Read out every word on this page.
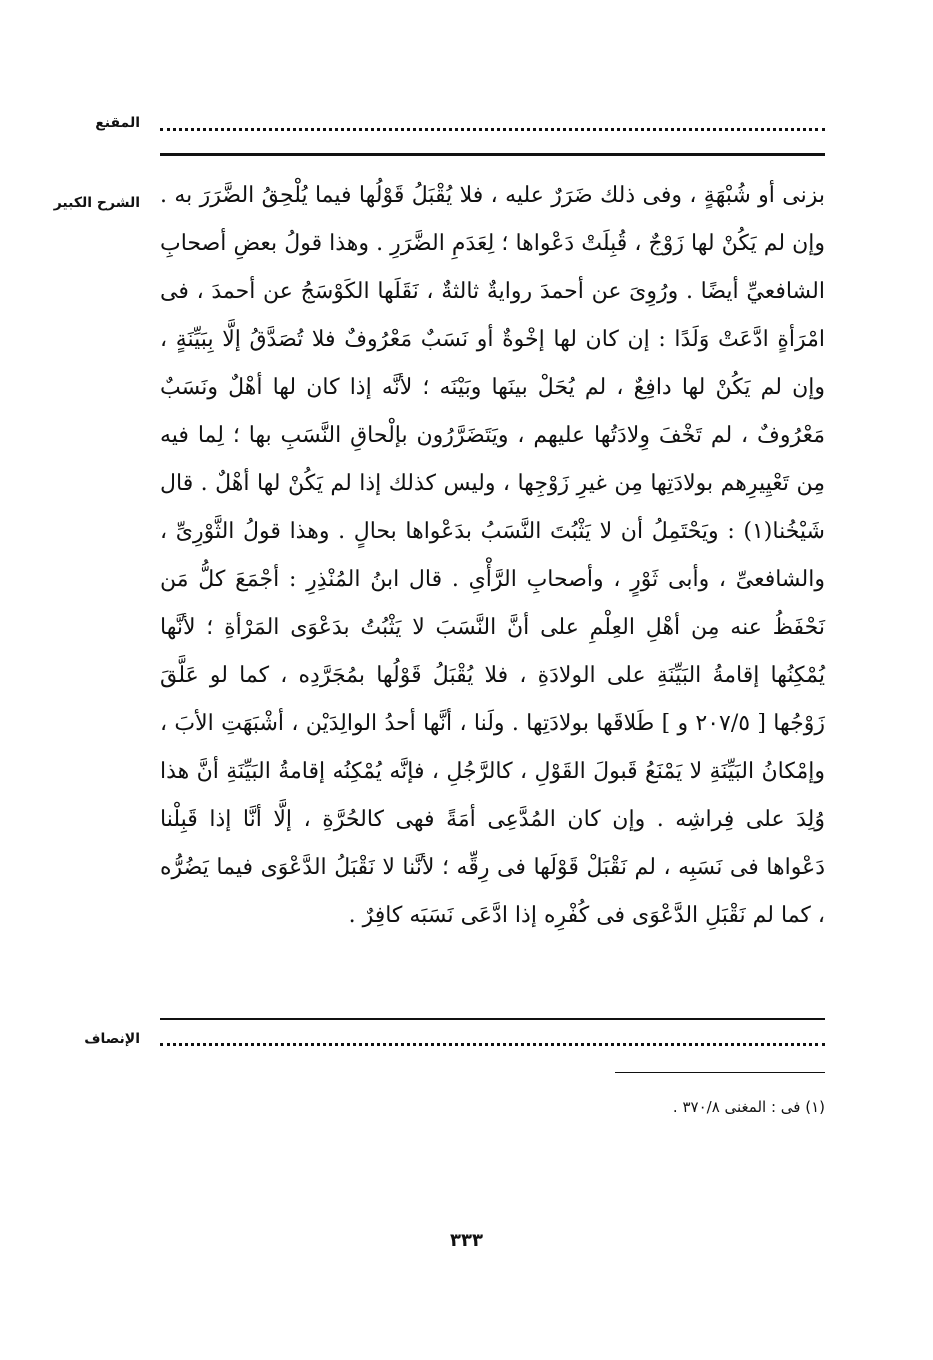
المقنع
الشرح الكبير بزنى أو شُبْهَةٍ ، وفى ذلك ضَرَرٌ عليه ، فلا يُقْبَلُ قَوْلُها فيما يُلْحِقُ الضَّرَرَ به . وإن لم يَكُنْ لها زَوْجٌ ، قُبِلَتْ دَعْواها ؛ لِعَدَمِ الضَّرَرِ . وهذا قولُ بعضِ أصحابِ الشافعيِّ أيضًا . ورُوِىَ عن أحمدَ روايةٌ ثالثةٌ ، نَقَلَها الكَوْسَجُ عن أحمدَ ، فى امْرَأةٍ ادَّعَتْ وَلَدًا : إن كان لها إخْوةٌ أو نَسَبٌ مَعْرُوفٌ فلا تُصَدَّقُ إلَّا بِبَيِّنَةٍ ، وإن لم يَكُنْ لها دافِعٌ ، لم يُحَلْ بينَها وبَيْنَه ؛ لأنَّه إذا كان لها أهْلٌ ونَسَبٌ مَعْرُوفٌ ، لم تَخْفَ وِلادَتُها عليهم ، ويَتَضَرَّرُون بإلْحاقِ النَّسَبِ بها ؛ لِما فيه مِن تَعْيِيرِهم بولادَتِها مِن غيرِ زَوْجِها ، وليس كذلك إذا لم يَكُنْ لها أهْلٌ . قال شَيْخُنا(١) : ويَحْتَمِلُ أن لا يَثْبُتَ النَّسَبُ بدَعْواها بحالٍ . وهذا قولُ الثَّوْرِىِّ ، والشافعىِّ ، وأبى ثَوْرٍ ، وأصحابِ الرَّأْىِ . قال ابنُ المُنْذِرِ : أجْمَعَ كلُّ مَن نَحْفَظُ عنه مِن أهْلِ العِلْمِ على أنَّ النَّسَبَ لا يَثْبُتُ بدَعْوَى المَرْأةِ ؛ لأنَّها يُمْكِنُها إقامةُ البَيِّنَةِ على الولادَةِ ، فلا يُقْبَلُ قَوْلُها بمُجَرَّدِه ، كما لو عَلَّقَ زَوْجُها [ ٢٠٧/٥ و ] طَلاقَها بولادَتِها . ولَنا ، أنَّها أحدُ الوالِدَيْن ، أشْبَهَتِ الأبَ ، وإمْكانُ البَيِّنَةِ لا يَمْنَعُ قَبولَ القَوْلِ ، كالرَّجُلِ ، فإنَّه يُمْكِنُه إقامةُ البَيِّنَةِ أنَّ هذا وُلِدَ على فِراشِه . وإن كان المُدَّعِى أمَةً فهى كالحُرَّةِ ، إلَّا أنَّا إذا قَبِلْنا دَعْواها فى نَسَبِه ، لم نَقْبَلْ قَوْلَها فى رِقِّه ؛ لأنَّنا لا نَقْبَلُ الدَّعْوَى فيما يَضُرُّه ، كما لم نَقْبَلِ الدَّعْوَى فى كُفْرِه إذا ادَّعَى نَسَبَه كافِرٌ .

الإنصاف
(١) فى : المغنى ٣٧٠/٨ .
٣٣٣
